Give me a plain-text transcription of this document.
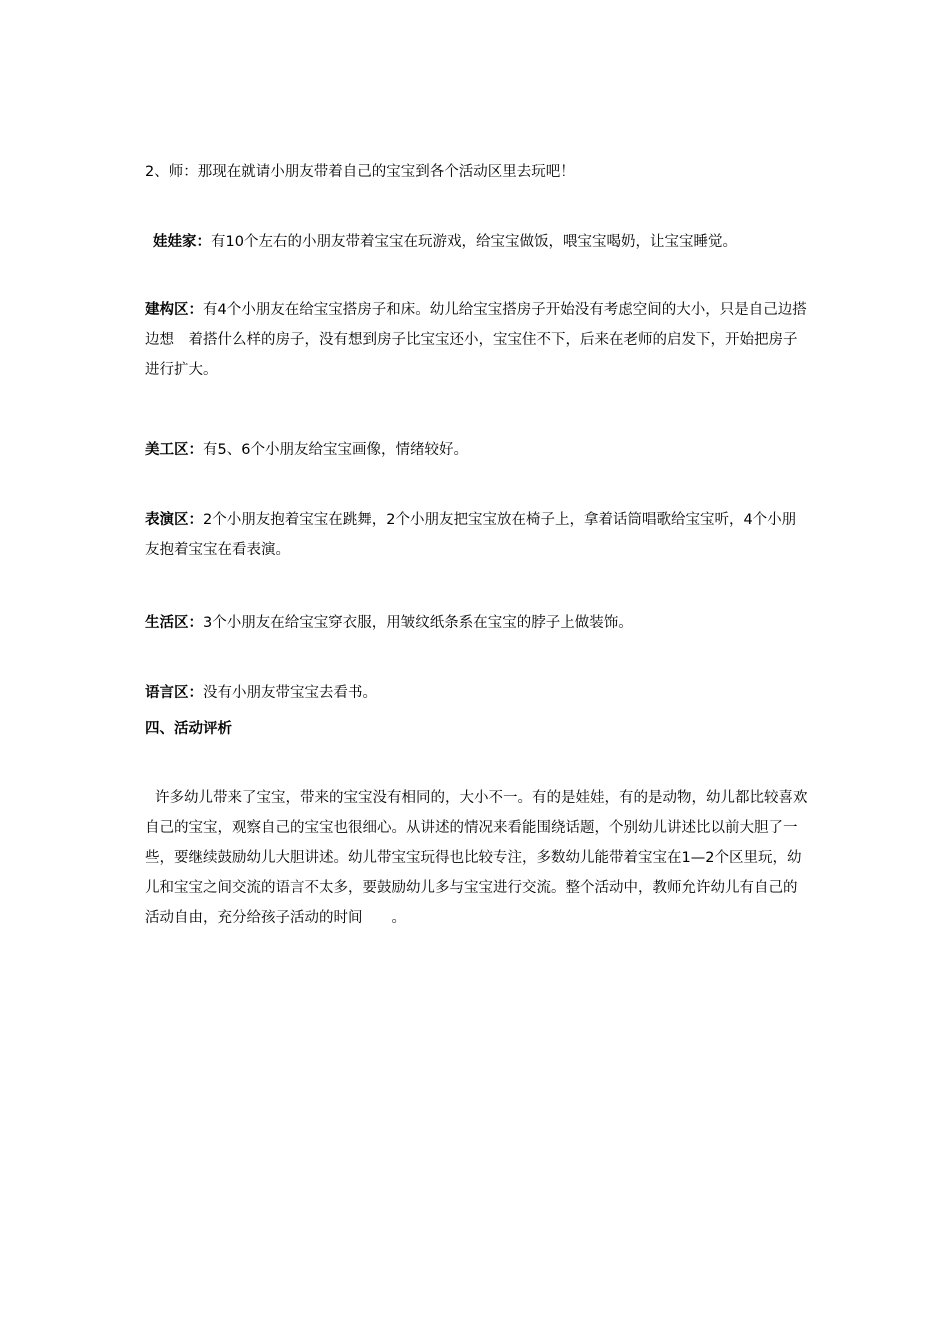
2、师：那现在就请小朋友带着自己的宝宝到各个活动区里去玩吧！
娃娃家：有10个左右的小朋友带着宝宝在玩游戏，给宝宝做饭，喂宝宝喝奶，让宝宝睡觉。
建构区：有4个小朋友在给宝宝搭房子和床。幼儿给宝宝搭房子开始没有考虑空间的大小，只是自己边搭边想　着搭什么样的房子，没有想到房子比宝宝还小，宝宝住不下，后来在老师的启发下，开始把房子进行扩大。
美工区：有5、6个小朋友给宝宝画像，情绪较好。
表演区：2个小朋友抱着宝宝在跳舞，2个小朋友把宝宝放在椅子上，拿着话筒唱歌给宝宝听，4个小朋友抱着宝宝在看表演。
生活区：3个小朋友在给宝宝穿衣服，用皱纹纸条系在宝宝的脖子上做装饰。
语言区：没有小朋友带宝宝去看书。
四、活动评析
许多幼儿带来了宝宝，带来的宝宝没有相同的，大小不一。有的是娃娃，有的是动物，幼儿都比较喜欢自己的宝宝，观察自己的宝宝也很细心。从讲述的情况来看能围绕话题，个别幼儿讲述比以前大胆了一些，要继续鼓励幼儿大胆讲述。幼儿带宝宝玩得也比较专注，多数幼儿能带着宝宝在1—2个区里玩，幼儿和宝宝之间交流的语言不太多，要鼓励幼儿多与宝宝进行交流。整个活动中，教师允许幼儿有自己的活动自由，充分给孩子活动的时间　　。
